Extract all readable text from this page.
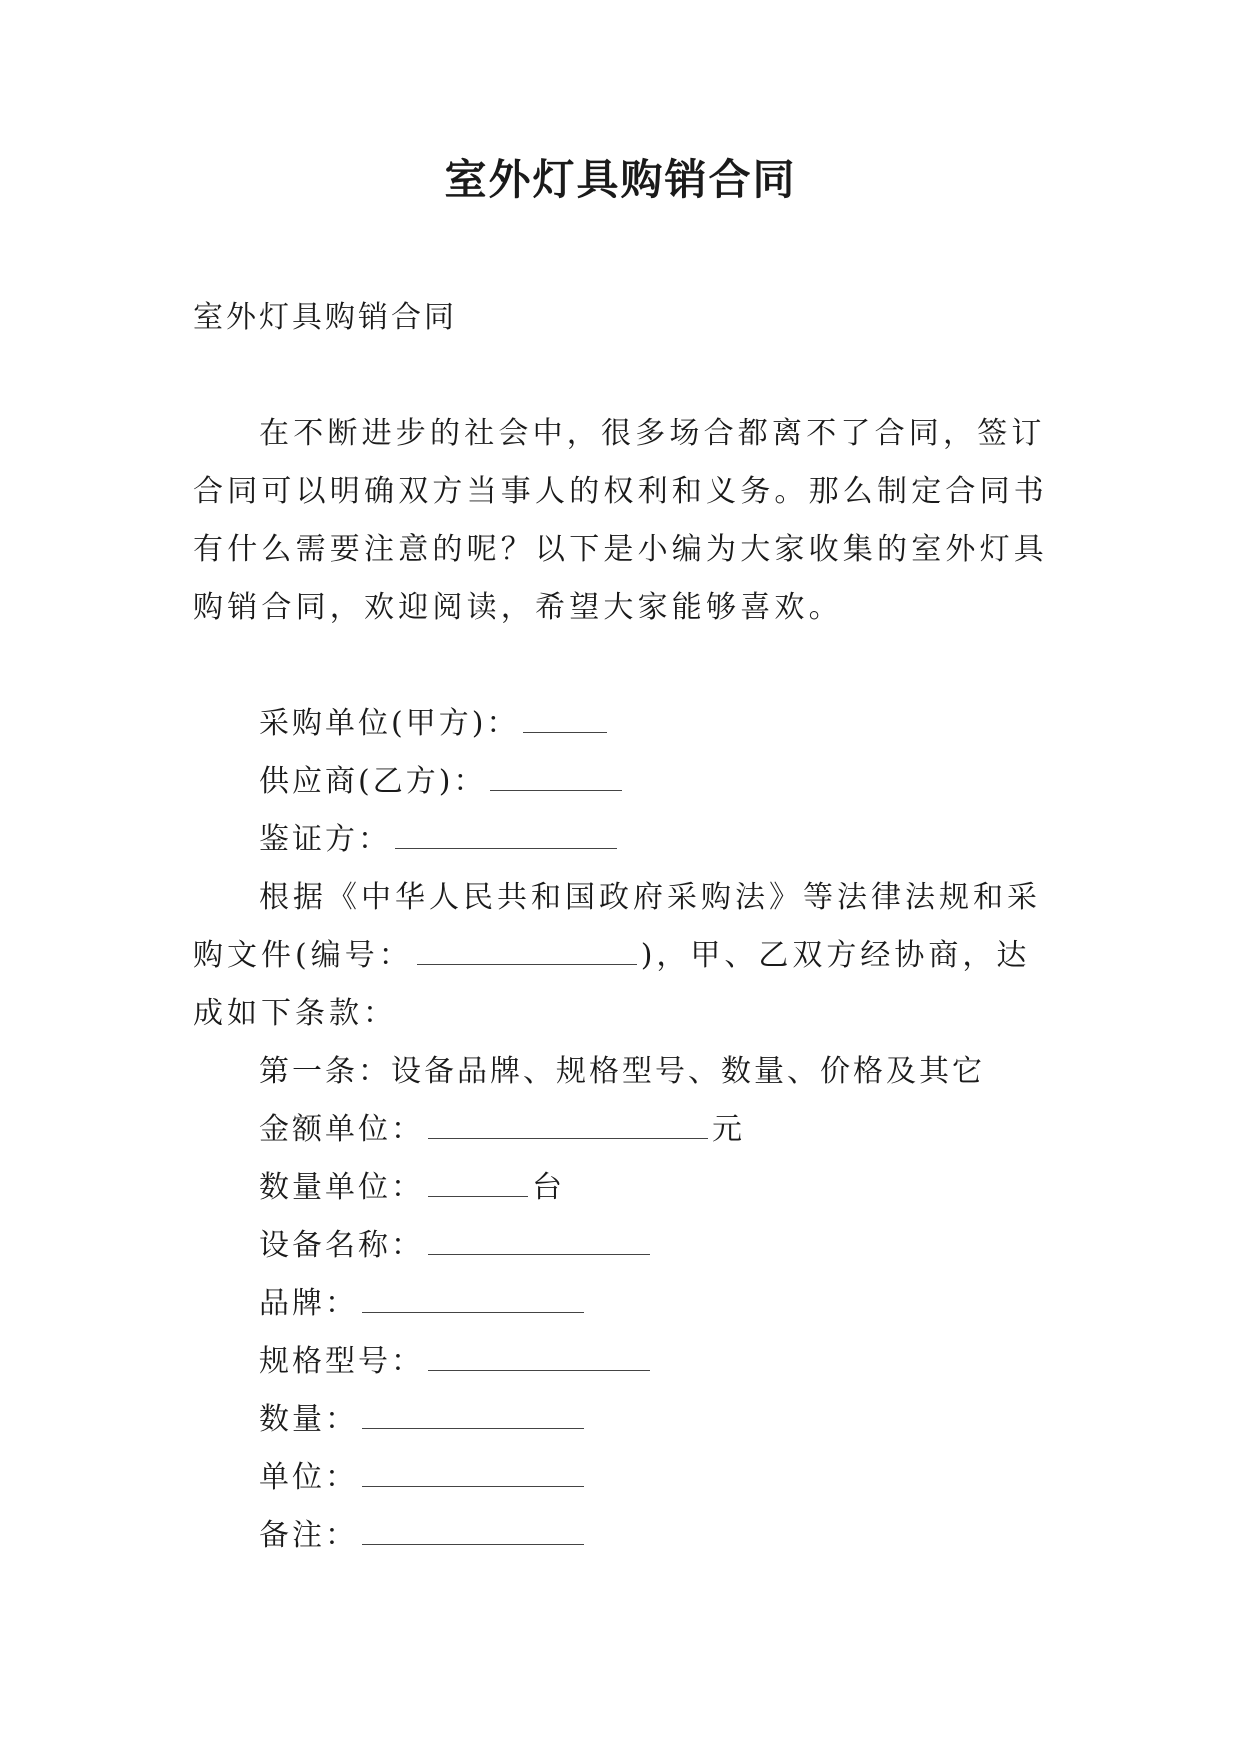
室外灯具购销合同

室外灯具购销合同

在不断进步的社会中，很多场合都离不了合同，签订合同可以明确双方当事人的权利和义务。那么制定合同书有什么需要注意的呢？以下是小编为大家收集的室外灯具购销合同，欢迎阅读，希望大家能够喜欢。

采购单位(甲方)：

供应商(乙方)：

鉴证方：

根据《中华人民共和国政府采购法》等法律法规和采购文件(编号：	)，甲、乙双方经协商，达成如下条款：

第一条：设备品牌、规格型号、数量、价格及其它

金额单位：	元

数量单位：	台

设备名称：

品牌：

规格型号：

数量：

单位：

备注：
